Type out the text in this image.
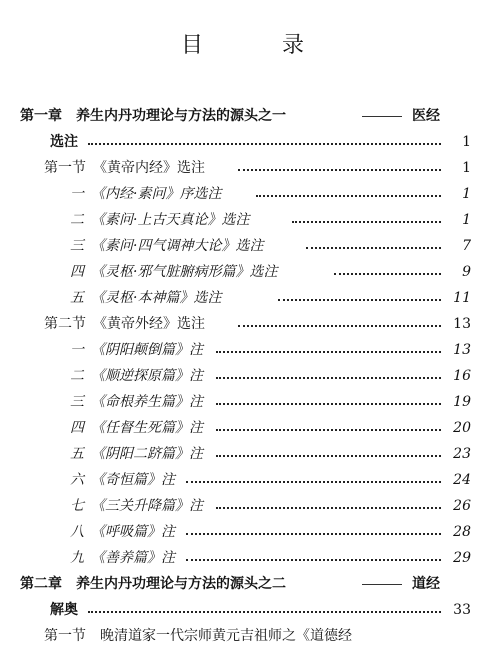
目 录
第一章　养生内丹功理论与方法的源头之一	医经
选注	1
第一节　《黄帝内经》选注	1
一　《内经·素问》序选注	1
二　《素问·上古天真论》选注	1
三　《素问·四气调神大论》选注	7
四　《灵枢·邪气脏腑病形篇》选注	9
五　《灵枢·本神篇》选注	11
第二节　《黄帝外经》选注	13
一　《阴阳颠倒篇》注	13
二　《顺逆探原篇》注	16
三　《命根养生篇》注	19
四　《任督生死篇》注	20
五　《阴阳二跻篇》注	23
六　《奇恒篇》注	24
七　《三关升降篇》注	26
八　《呼吸篇》注	28
九　《善养篇》注	29
第二章　养生内丹功理论与方法的源头之二	道经
解奥	33
第一节　晚清道家一代宗师黄元吉祖师之《道德经
